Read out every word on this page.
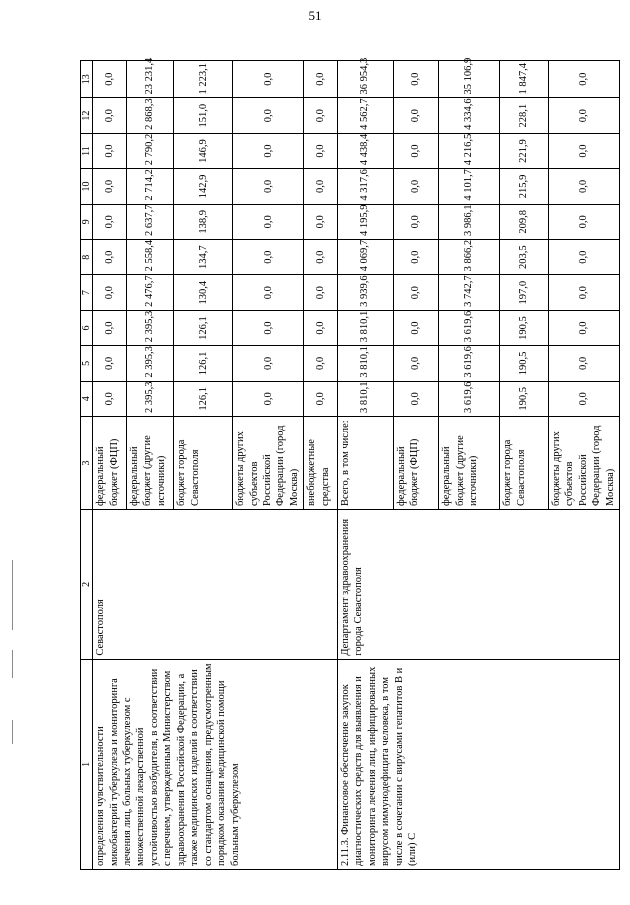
51
1	2	3	4	5	6	7	8	9	10	11	12	13
определения чувствительности микобактерий туберкулеза и мониторинга лечения лиц, больных туберкулезом с множественной лекарственной устойчивостью возбудителя, в соответствии с перечнем, утвержденным Министерством здравоохранения Российской Федерации, а также медицинских изделий в соответствии со стандартом оснащения, предусмотренным порядком оказания медицинской помощи больным туберкулезом	Севастополя	федеральный бюджет (ФЦП)	0,0	0,0	0,0	0,0	0,0	0,0	0,0	0,0	0,0	0,0
		федеральный бюджет (другие источники)	2 395,3	2 395,3	2 395,3	2 476,7	2 558,4	2 637,7	2 714,2	2 790,2	2 868,3	23 231,4
		бюджет города Севастополя	126,1	126,1	126,1	130,4	134,7	138,9	142,9	146,9	151,0	1 223,1
		бюджеты других субъектов Российской Федерации (город Москва)	0,0	0,0	0,0	0,0	0,0	0,0	0,0	0,0	0,0	0,0
		внебюджетные средства	0,0	0,0	0,0	0,0	0,0	0,0	0,0	0,0	0,0	0,0
2.11.3. Финансовое обеспечение закупок диагностических средств для выявления и мониторинга лечения лиц, инфицированных вирусом иммунодефицита человека, в том числе в сочетании с вирусами гепатитов В и (или) С	Департамент здравоохранения города Севастополя	Всего, в том числе:	3 810,1	3 810,1	3 810,1	3 939,6	4 069,7	4 195,9	4 317,6	4 438,4	4 562,7	36 954,3
		федеральный бюджет (ФЦП)	0,0	0,0	0,0	0,0	0,0	0,0	0,0	0,0	0,0	0,0
		федеральный бюджет (другие источники)	3 619,6	3 619,6	3 619,6	3 742,7	3 866,2	3 986,1	4 101,7	4 216,5	4 334,6	35 106,9
		бюджет города Севастополя	190,5	190,5	190,5	197,0	203,5	209,8	215,9	221,9	228,1	1 847,4
		бюджеты других субъектов Российской Федерации (город Москва)	0,0	0,0	0,0	0,0	0,0	0,0	0,0	0,0	0,0	0,0
